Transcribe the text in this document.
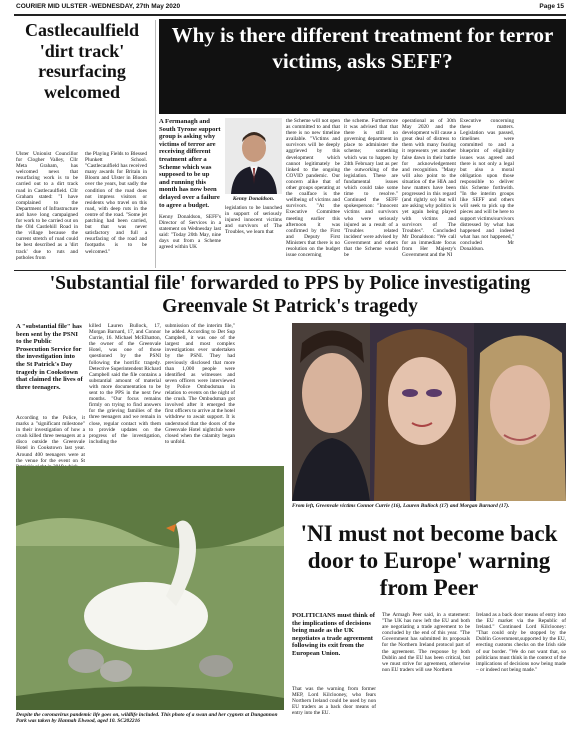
COURIER MID ULSTER -WEDNESDAY, 27th May 2020	Page 15
Castlecaulfield 'dirt track' resurfacing welcomed
Ulster Unionist Councillor for Clogher Valley, Cllr Meta Graham, has welcomed news that resurfacing work is to be carried out to a dirt track road in Castlecaulfield. Cllr Graham stated: "I have complained to the Department of Infrastructure and have long campaigned for work to be carried out on the Old Castlehill Road in the village because the current stretch of road could be best described as a 'dirt track' due to ruts and potholes from
the Playing Fields to Blessed Plunkett School. "Castlecaulfield has received many awards for Britain in Bloom and Ulster in Bloom over the years, but sadly the condition of the road does not impress visitors or residents who travel on this road, with deep ruts in the centre of the road. "Some jet patching had been carried, but that was never satisfactory and full a resurfacing of the road and footpaths is to be welcomed."
Why is there different treatment for terror victims, asks SEFF?
A Fermanagh and South Tyrone support group is asking why victims of terror are receiving different treatment after a Scheme which was supposed to be up and running this month has now been delayed over a failure to agree a budget.
Kenny Donaldson, SEFF's Director of Services in a statement on Wednesday last said: "Today 20th May, nine days out from a Scheme agreed within UK
Kenny Donaldson.
legislation to be launched in support of seriously injured innocent victims and survivors of The Troubles, we learn that
the Scheme will not open as committed to and that there is no new timeline available. "Victims and survivors will be deeply aggrieved by this development which cannot legitimately be linked to the ongoing COVID pandemic. Our concern alike that of other groups operating at the coalface is the wellbeing of victims and survivors. "At the Executive Committee meeting earlier this afternoon it was confirmed by the First and Deputy First Ministers that there is no resolution on the budget issue concerning
the scheme. Furthermore it was advised that that there is still no governing department in place to administer the scheme; something which was to happen by 24th February last as per the outworking of the legislation. These are fundamental issues which could take some time to resolve." Continued the SEFF spokesperson: "Innocent victims and survivors who were seriously injured as a result of a 'Troubles related incident' were advised by Government and others that the Scheme would be
operational as of 30th May 2020 and the development will cause a great deal of distress to them with many fearing it represents yet another false dawn in their battle for acknowledgement and recognition. "Many will also point to the situation of the HIA and how matters have been progressed in this regard (and rightly so) but will are asking why politics is yet again being played with victims and survivors of The Troubles". Concluded Mr Donaldson: "We call for an immediate focus from Her Majesty's Government and the NI
Executive concerning these matters. Legislation was passed, timelines were committed to and a blueprint of eligibility issues was agreed and there is not only a legal but also a moral obligation upon those responsible to deliver this Scheme forthwith. "In the interim groups like SEFF and others will seek to pick up the pieces and will be here to support victims/survivors distressed by what has happened and indeed what has not happened," concluded Mr Donaldson.
'Substantial file' forwarded to PPS by Police investigating Greenvale St Patrick's tragedy
A "substantial file" has been sent by the PSNI to the Public Prosecution Service for the investigation into the St Patrick's Day tragedy in Cookstown that claimed the lives of three teenagers.
According to the Police, it marks a "significant milestone" in their investigation of how a crush killed three teenagers at a disco outside the Greenvale Hotel in Cookstown last year. Around 400 teenagers were at the venue for the event on St
killed Lauren Bullock, 17, Morgan Barnard, 17, and Connor Currie, 16. Michael McElhatton, the owner of the Greenvale Hotel, was one of those questioned by the PSNI following the horrific tragedy. Detective Superintendent Richard Campbell said the file contains a substantial amount of material with more documentation to be sent to the PPS in the next few months. "Our focus remains firmly on trying to find answers for the grieving families of the three teenagers and we remain in close, regular contact with them to provide updates on the progress of the investigation, including the
submission of the interim file," he added. According to Det Sup Campbell, it was one of the largest and most complex investigations ever undertaken by the PSNI. They had previously disclosed that more than 1,000 people were identified as witnesses and seven officers were interviewed by Police Ombudsman in relation to events on the night of the crush. The Ombudsman got involved after it emerged the first officers to arrive at the hotel withdrew to await support. It is understood that the doors of the Greenvale Hotel nightclub were closed when the calamity began to unfold.
From left, Greenvale victims Connor Currie (16), Lauren Bullock (17) and Morgan Barnard (17).
Despite the coronavirus pandemic life goes on, wildlife included. This photo of a swan and her cygnets at Dungannon Park was taken by Hannah Elwood, aged 10. SC202216
'NI must not become back door to Europe' warning from Peer
POLITICIANS must think of the implications of decisions being made as the UK negotiates a trade agreement following its exit from the European Union.
That was the warning from former MEP, Lord Kilclooney, who fears Northern Ireland could be used by non EU traders as a back door means of entry into the EU.
The Armagh Peer said, in a statement: "The UK has now left the EU and both are negotiating a trade agreement to be concluded by the end of this year. "The Government has submitted its proposals for the Northern Ireland protocol part of the agreement. The response by both Dublin and the EU has been critical, but we must strive for agreement, otherwise non EU traders will use Northern
Ireland as a back door means of entry into the EU market via the Republic of Ireland." Continued Lord Kilclooney: "That could only be stopped by the Dublin Government,supported by the EU, erecting customs checks on the Irish side of our border. "We do not want that, so politicians must think in the context of the implications of decisions now being made – or indeed not being made."
